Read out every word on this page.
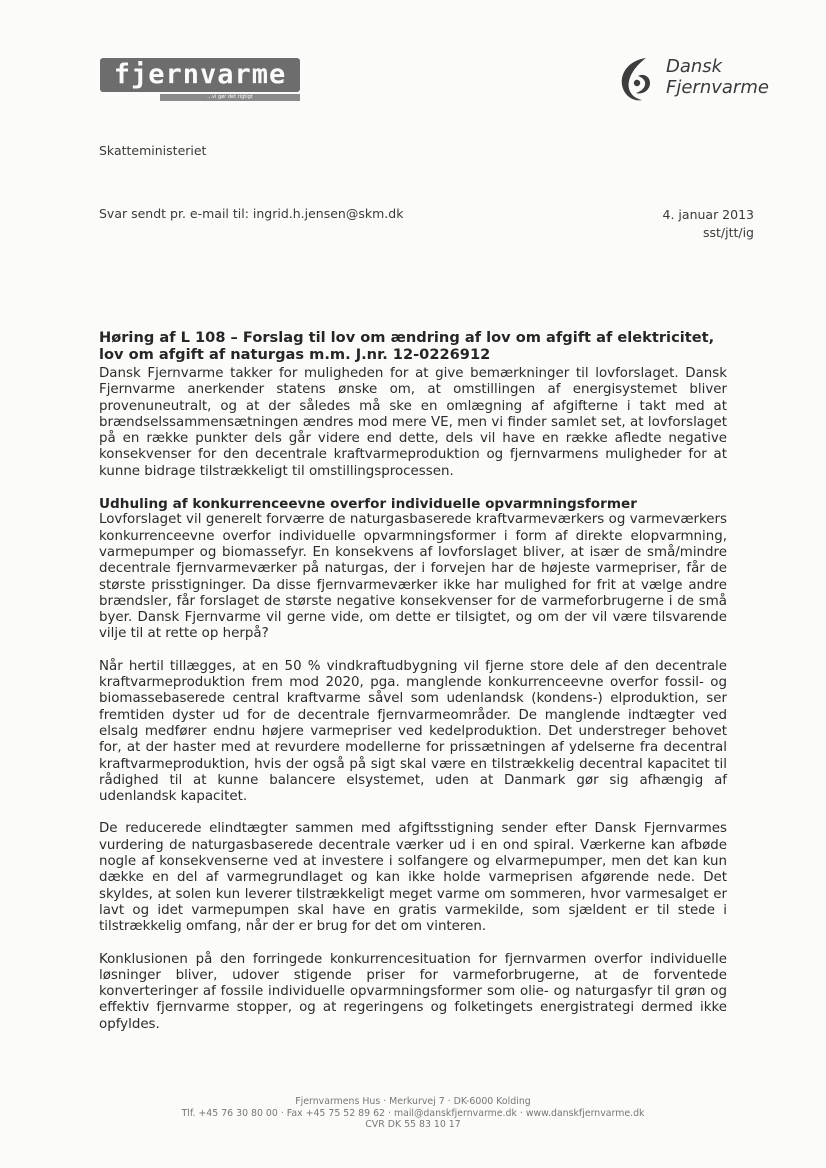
fjernvarme
...vi gør det rigtigt
Dansk
Fjernvarme
Skatteministeriet
Svar sendt pr. e-mail til: ingrid.h.jensen@skm.dk	4. januar 2013
sst/jtt/ig
Høring af L 108 – Forslag til lov om ændring af lov om afgift af elektricitet,
lov om afgift af naturgas m.m. J.nr. 12-0226912

Dansk Fjernvarme takker for muligheden for at give bemærkninger til lovforslaget. Dansk Fjernvarme anerkender statens ønske om, at omstillingen af energisystemet bliver provenuneutralt, og at der således må ske en omlægning af afgifterne i takt med at brændselssammensætningen ændres mod mere VE, men vi finder samlet set, at lovforslaget på en række punkter dels går videre end dette, dels vil have en række afledte negative konsekvenser for den decentrale kraftvarmeproduktion og fjernvarmens muligheder for at kunne bidrage tilstrækkeligt til omstillingsprocessen.

Udhuling af konkurrenceevne overfor individuelle opvarmningsformer

Lovforslaget vil generelt forværre de naturgasbaserede kraftvarmeværkers og varmeværkers konkurrenceevne overfor individuelle opvarmningsformer i form af direkte elopvarmning, varmepumper og biomassefyr. En konsekvens af lovforslaget bliver, at især de små/mindre decentrale fjernvarmeværker på naturgas, der i forvejen har de højeste varmepriser, får de største prisstigninger. Da disse fjernvarmeværker ikke har mulighed for frit at vælge andre brændsler, får forslaget de største negative konsekvenser for de varmeforbrugerne i de små byer. Dansk Fjernvarme vil gerne vide, om dette er tilsigtet, og om der vil være tilsvarende vilje til at rette op herpå?

Når hertil tillægges, at en 50 % vindkraftudbygning vil fjerne store dele af den decentrale kraftvarmeproduktion frem mod 2020, pga. manglende konkurrenceevne overfor fossil- og biomassebaserede central kraftvarme såvel som udenlandsk (kondens-) elproduktion, ser fremtiden dyster ud for de decentrale fjernvarmeområder. De manglende indtægter ved elsalg medfører endnu højere varmepriser ved kedelproduktion. Det understreger behovet for, at der haster med at revurdere modellerne for prissætningen af ydelserne fra decentral kraftvarmeproduktion, hvis der også på sigt skal være en tilstrækkelig decentral kapacitet til rådighed til at kunne balancere elsystemet, uden at Danmark gør sig afhængig af udenlandsk kapacitet.

De reducerede elindtægter sammen med afgiftsstigning sender efter Dansk Fjernvarmes vurdering de naturgasbaserede decentrale værker ud i en ond spiral. Værkerne kan afbøde nogle af konsekvenserne ved at investere i solfangere og elvarmepumper, men det kan kun dække en del af varmegrundlaget og kan ikke holde varmeprisen afgørende nede. Det skyldes, at solen kun leverer tilstrækkeligt meget varme om sommeren, hvor varmesalget er lavt og idet varmepumpen skal have en gratis varmekilde, som sjældent er til stede i tilstrækkelig omfang, når der er brug for det om vinteren.

Konklusionen på den forringede konkurrencesituation for fjernvarmen overfor individuelle løsninger bliver, udover stigende priser for varmeforbrugerne, at de forventede konverteringer af fossile individuelle opvarmningsformer som olie- og naturgasfyr til grøn og effektiv fjernvarme stopper, og at regeringens og folketingets energistrategi dermed ikke opfyldes.

Fjernvarmens Hus · Merkurvej 7 · DK-6000 Kolding
Tlf. +45 76 30 80 00 · Fax +45 75 52 89 62 · mail@danskfjernvarme.dk · www.danskfjernvarme.dk
CVR DK 55 83 10 17
